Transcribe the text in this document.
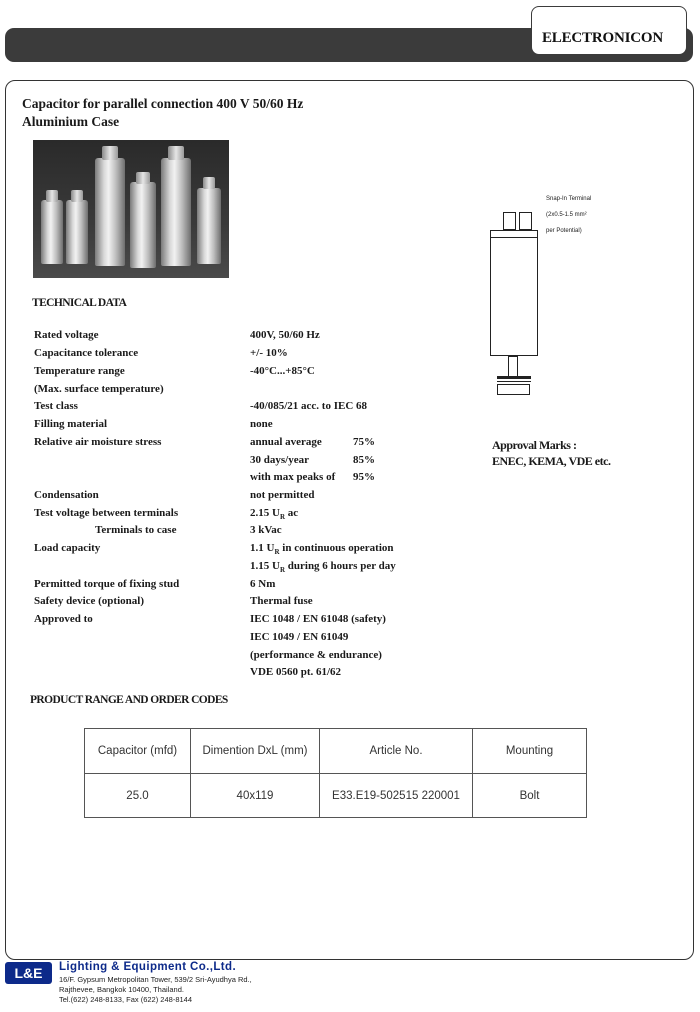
ELECTRONICON
Capacitor for parallel connection 400 V 50/60 Hz
Aluminium Case
TECHNICAL DATA
Rated voltage	400V, 50/60 Hz
Capacitance tolerance	+/- 10%
Temperature range	-40°C...+85°C
(Max. surface temperature)
Test class	-40/085/21 acc. to IEC 68
Filling material	none
Relative air moisture stress	annual average	75%
30 days/year	85%
with max peaks of 95%
Condensation	not permitted
Test voltage between terminals	2.15 $U_R$ ac
Terminals to case	3 kVac
Load capacity	1.1 $U_R$ in continuous operation
1.15 $U_R$ during 6 hours per day
Permitted torque of fixing stud	6 Nm
Safety device (optional)	Thermal fuse
Approved to	IEC 1048 / EN 61048 (safety)
IEC 1049 / EN 61049
(performance & endurance)
VDE 0560 pt. 61/62
Snap-In Terminal
(2x0.5-1.5 mm²
per Potential)
Approval Marks :
ENEC, KEMA, VDE etc.
PRODUCT RANGE AND ORDER CODES
Capacitor (mfd)	Dimention DxL (mm)	Article No.	Mounting
25.0	40x119	E33.E19-502515 220001	Bolt
L&E	Lighting & Equipment Co.,Ltd.
16/F. Gypsum Metropolitan Tower, 539/2 Sri-Ayudhya Rd.,
Rajthevee, Bangkok 10400, Thailand.
Tel.(622) 248-8133, Fax (622) 248-8144
